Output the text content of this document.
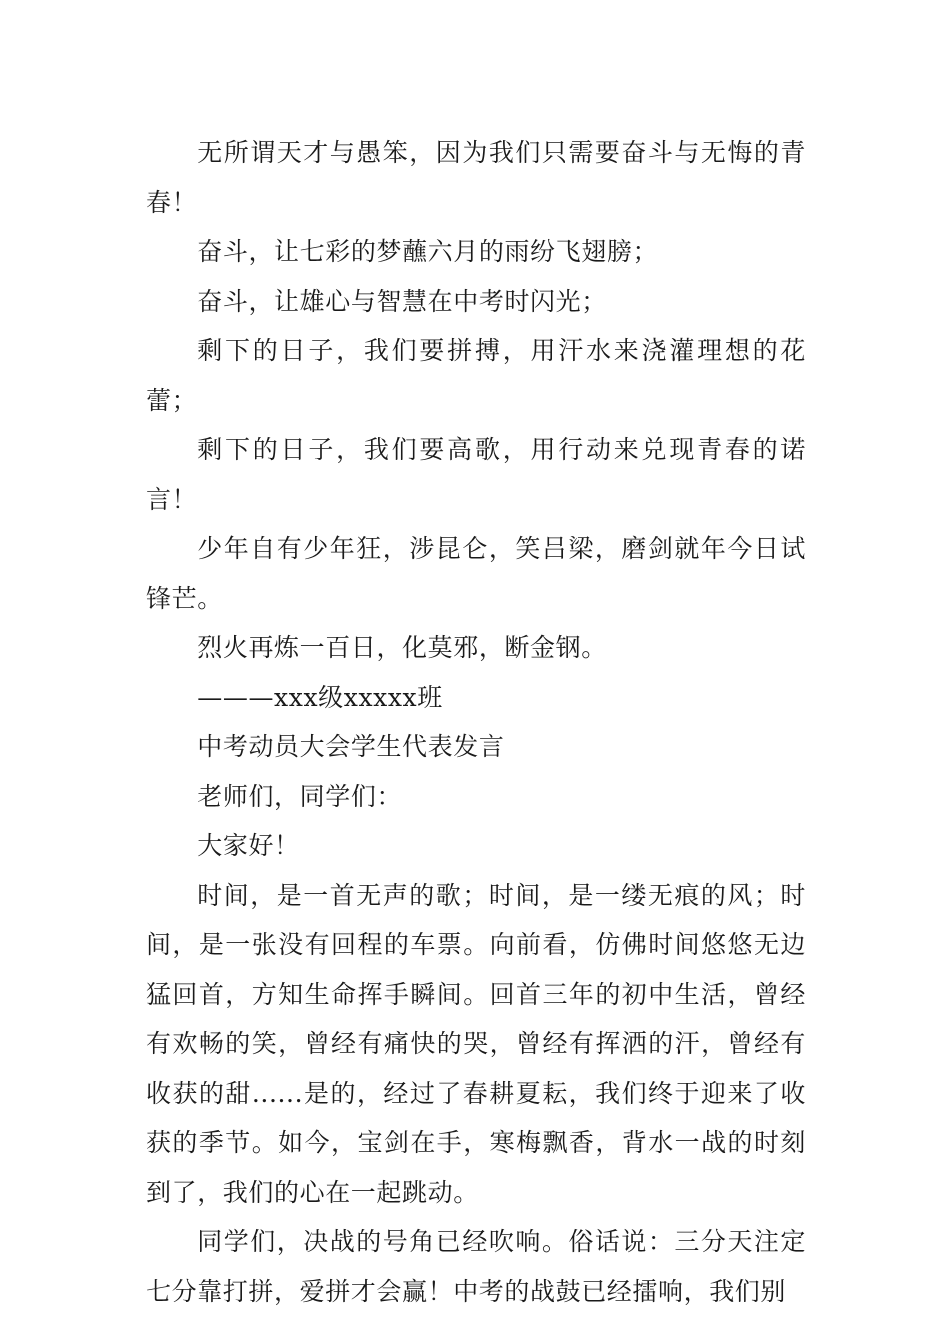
无所谓天才与愚笨，因为我们只需要奋斗与无悔的青春！

奋斗，让七彩的梦蘸六月的雨纷飞翅膀；

奋斗，让雄心与智慧在中考时闪光；

剩下的日子，我们要拼搏，用汗水来浇灌理想的花蕾；

剩下的日子，我们要高歌，用行动来兑现青春的诺言！

少年自有少年狂，涉昆仑，笑吕梁，磨剑就年今日试锋芒。

烈火再炼一百日，化莫邪，断金钢。

———xxx级xxxxx班

中考动员大会学生代表发言

老师们，同学们：

大家好！

时间，是一首无声的歌；时间，是一缕无痕的风；时间，是一张没有回程的车票。向前看，仿佛时间悠悠无边猛回首，方知生命挥手瞬间。回首三年的初中生活，曾经有欢畅的笑，曾经有痛快的哭，曾经有挥洒的汗，曾经有收获的甜......是的，经过了春耕夏耘，我们终于迎来了收获的季节。如今，宝剑在手，寒梅飘香，背水一战的时刻到了，我们的心在一起跳动。

同学们，决战的号角已经吹响。俗话说：三分天注定七分靠打拼，爱拼才会赢！中考的战鼓已经擂响，我们别
